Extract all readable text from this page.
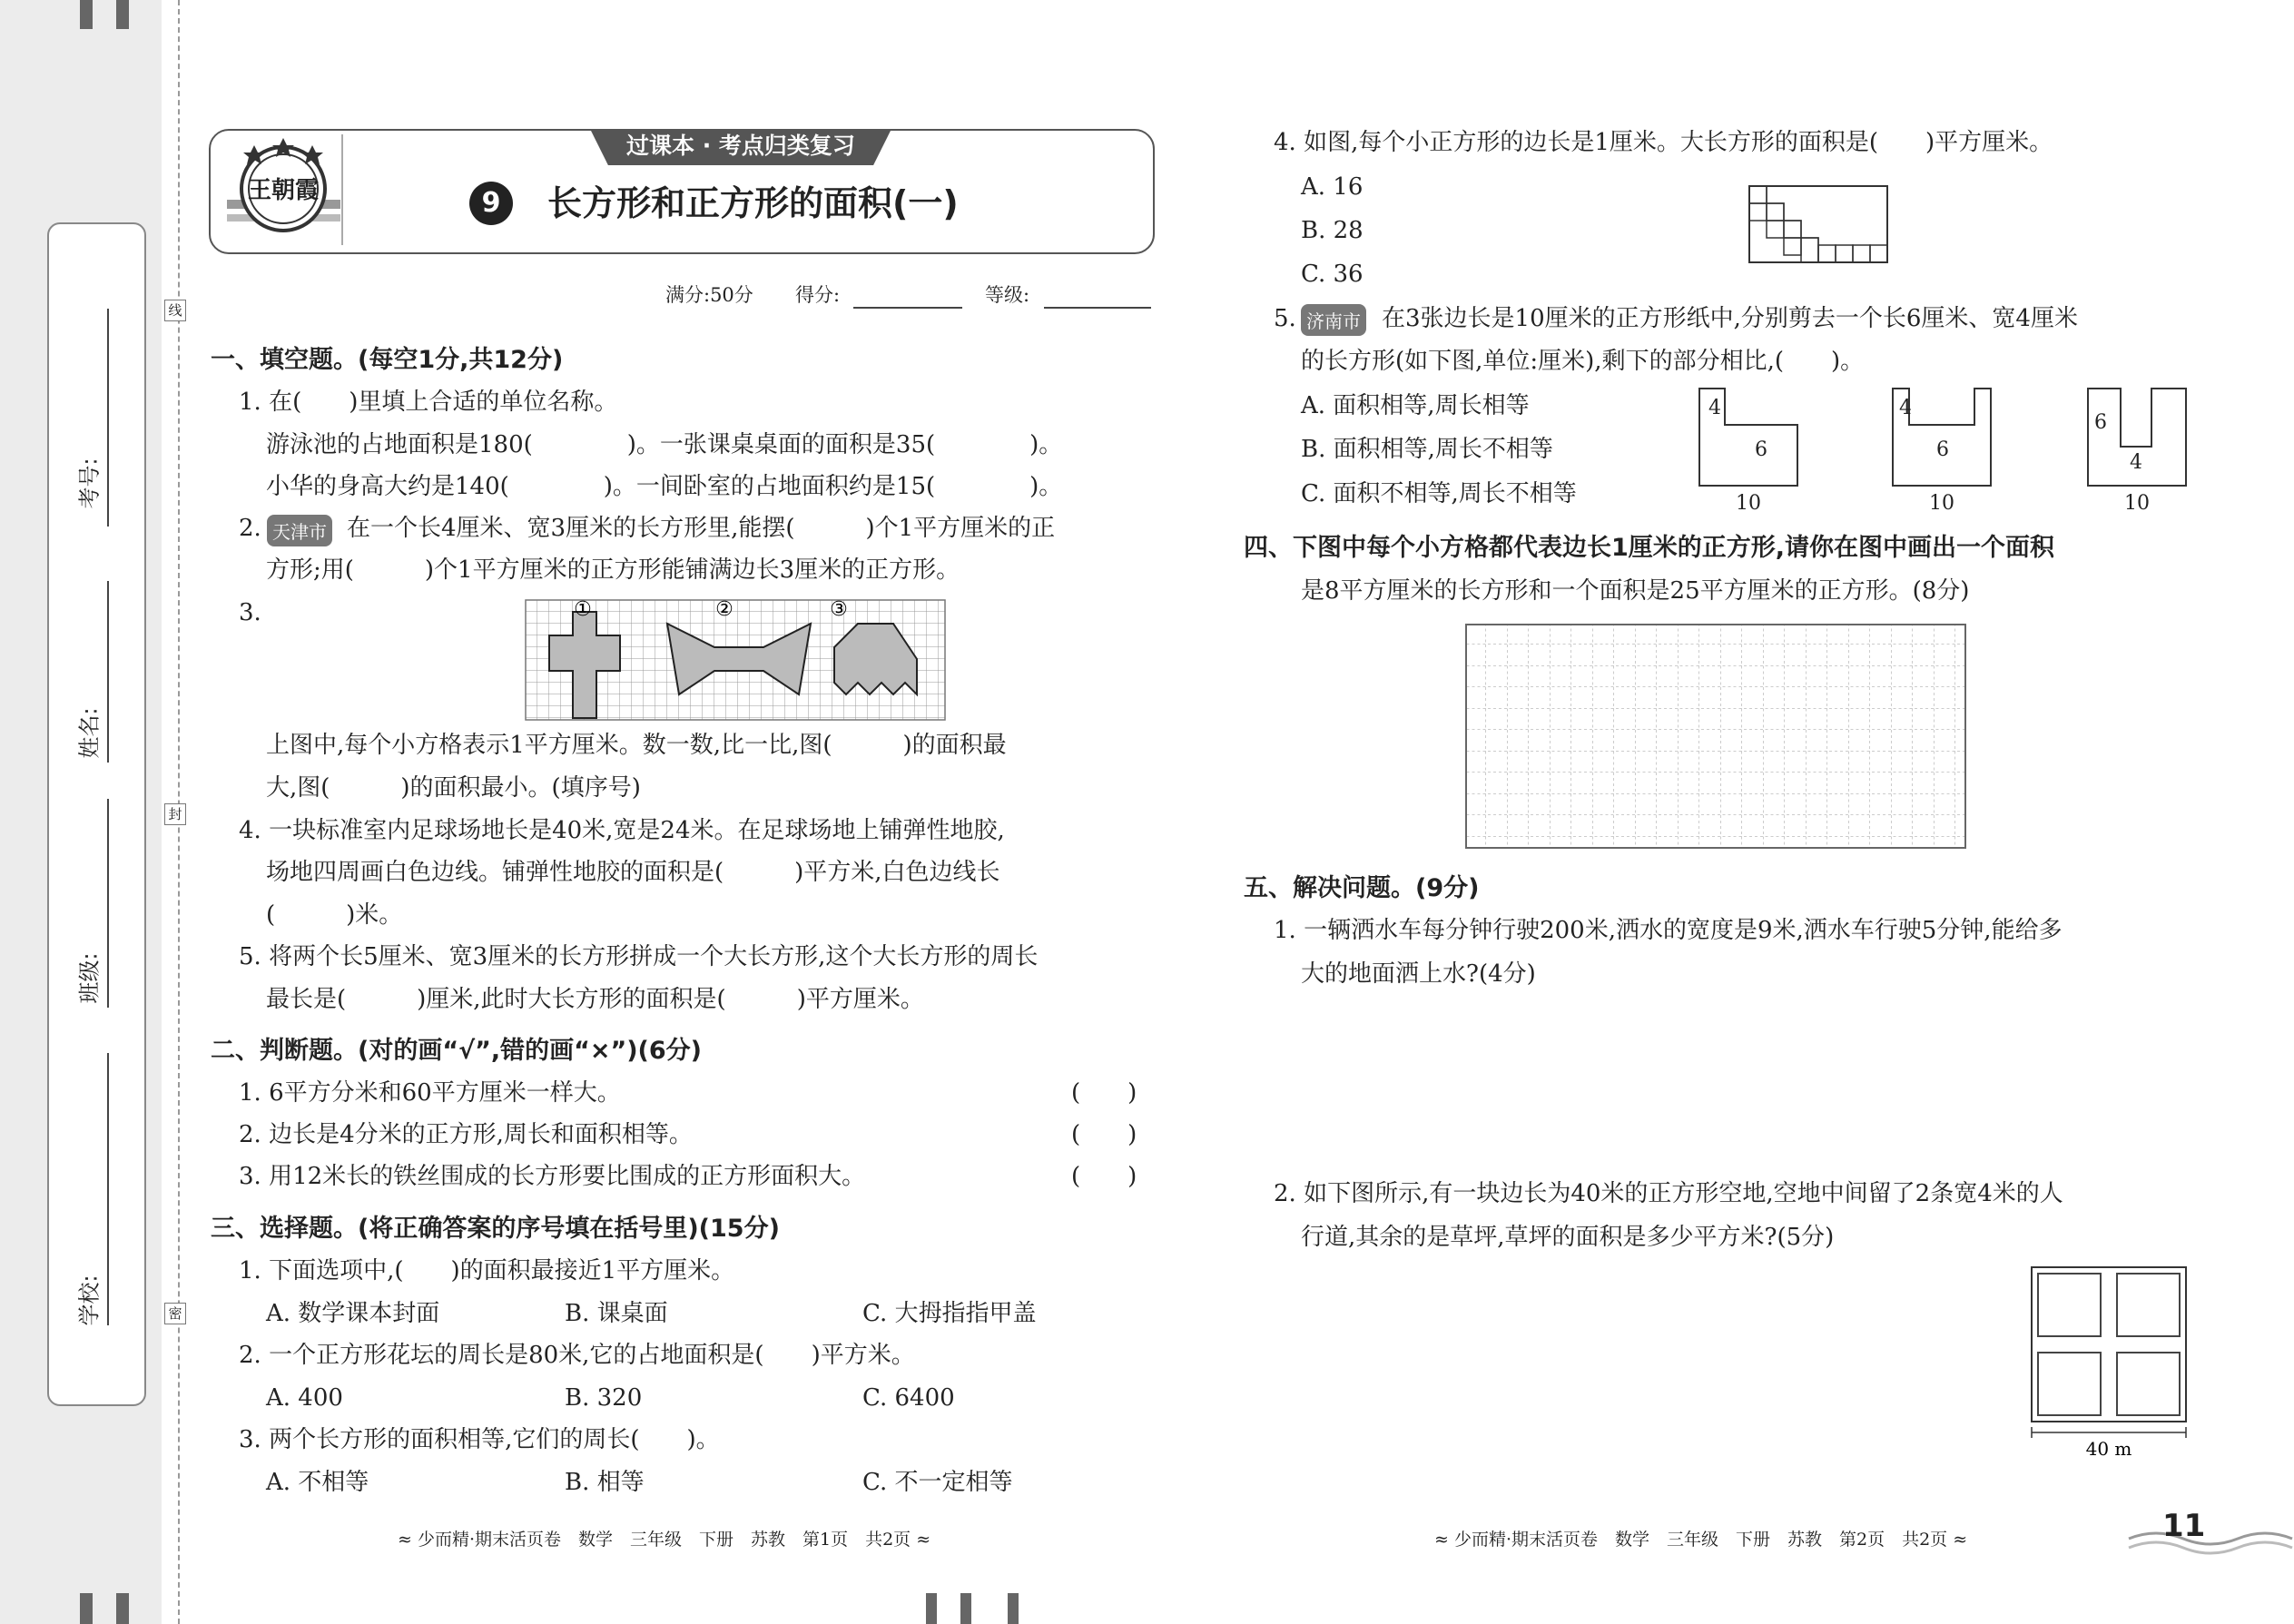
考号:
姓名:
班级:
学校:
线
封
密
过课本 · 考点归类复习
王朝霞	9	长方形和正方形的面积(一)
满分:50分 得分:	等级:
一、填空题。(每空1分,共12分)
1. 在(　　)里填上合适的单位名称。
游泳池的占地面积是180(　　　　)。一张课桌桌面的面积是35(　　　　)。
小华的身高大约是140(　　　　)。一间卧室的占地面积约是15(　　　　)。
2. 天津市 在一个长4厘米、宽3厘米的长方形里,能摆(　　　)个1平方厘米的正
方形;用(　　　)个1平方厘米的正方形能铺满边长3厘米的正方形。
3.	①	②	③
上图中,每个小方格表示1平方厘米。数一数,比一比,图(　　　)的面积最
大,图(　　　)的面积最小。(填序号)
4. 一块标准室内足球场地长是40米,宽是24米。在足球场地上铺弹性地胶,
场地四周画白色边线。铺弹性地胶的面积是(　　　)平方米,白色边线长
(　　　)米。
5. 将两个长5厘米、宽3厘米的长方形拼成一个大长方形,这个大长方形的周长
最长是(　　　)厘米,此时大长方形的面积是(　　　)平方厘米。
二、判断题。(对的画“√”,错的画“×”)(6分)
1. 6平方分米和60平方厘米一样大。	(　　)
2. 边长是4分米的正方形,周长和面积相等。	(　　)
3. 用12米长的铁丝围成的长方形要比围成的正方形面积大。	(　　)
三、选择题。(将正确答案的序号填在括号里)(15分)
1. 下面选项中,(　　)的面积最接近1平方厘米。
A. 数学课本封面	B. 课桌面	C. 大拇指指甲盖
2. 一个正方形花坛的周长是80米,它的占地面积是(　　)平方米。
A. 400	B. 320	C. 6400
3. 两个长方形的面积相等,它们的周长(　　)。
A. 不相等	B. 相等	C. 不一定相等
≈ 少而精·期末活页卷　数学　三年级　下册　苏教　第1页　共2页 ≈
4. 如图,每个小正方形的边长是1厘米。大长方形的面积是(　　)平方厘米。
A. 16
B. 28
C. 36
5. 济南市 在3张边长是10厘米的正方形纸中,分别剪去一个长6厘米、宽4厘米
的长方形(如下图,单位:厘米),剩下的部分相比,(　　)。
A. 面积相等,周长相等
B. 面积相等,周长不相等
C. 面积不相等,周长不相等
4
6
10
4
6
10
6
4
10
四、下图中每个小方格都代表边长1厘米的正方形,请你在图中画出一个面积
是8平方厘米的长方形和一个面积是25平方厘米的正方形。(8分)
五、解决问题。(9分)
1. 一辆洒水车每分钟行驶200米,洒水的宽度是9米,洒水车行驶5分钟,能给多
大的地面洒上水?(4分)
2. 如下图所示,有一块边长为40米的正方形空地,空地中间留了2条宽4米的人
行道,其余的是草坪,草坪的面积是多少平方米?(5分)
40 m
≈ 少而精·期末活页卷　数学　三年级　下册　苏教　第2页　共2页 ≈	11
